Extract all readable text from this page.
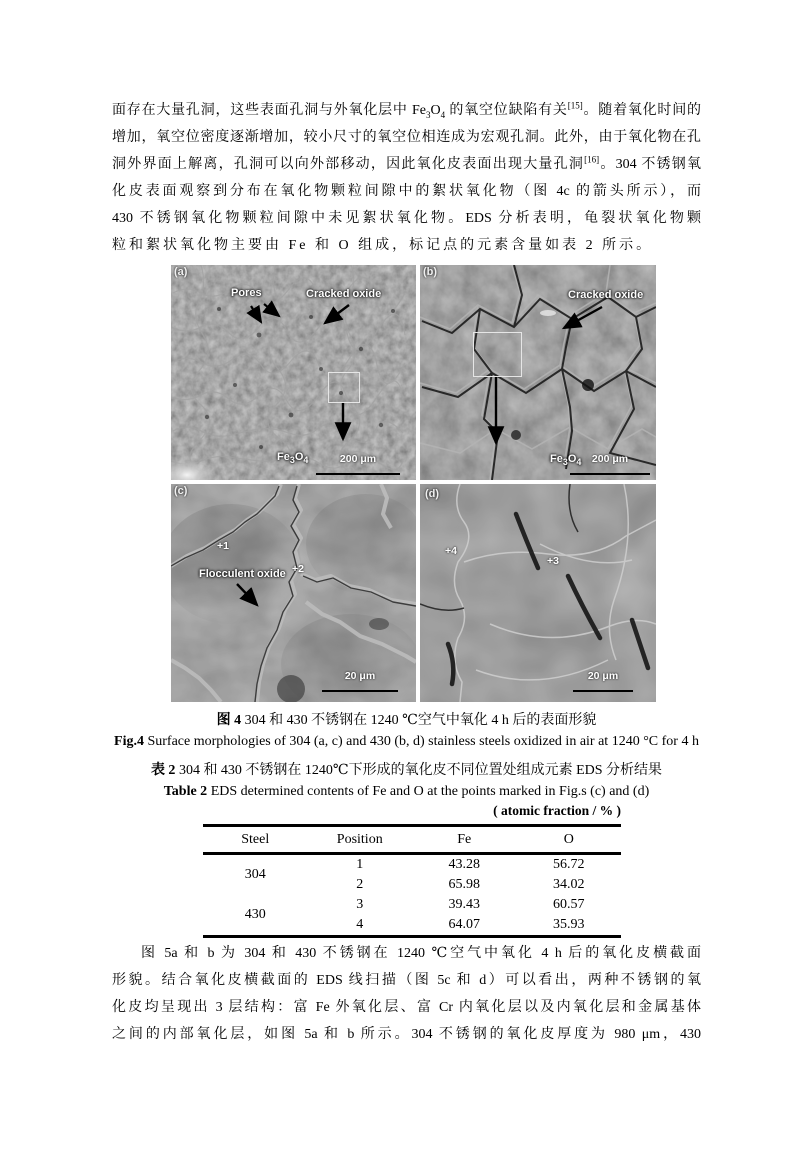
面存在大量孔洞，这些表面孔洞与外氧化层中 $Fe_3O_4$ 的氧空位缺陷有关[15]。随着氧化时间的
增加，氧空位密度逐渐增加，较小尺寸的氧空位相连成为宏观孔洞。此外，由于氧化物在孔
洞外界面上解离，孔洞可以向外部移动，因此氧化皮表面出现大量孔洞[16]。304 不锈钢氧
化皮表面观察到分布在氧化物颗粒间隙中的絮状氧化物（图 4c 的箭头所示），而
430 不锈钢氧化物颗粒间隙中未见絮状氧化物。EDS 分析表明，龟裂状氧化物颗
粒和絮状氧化物主要由 Fe 和 O 组成，标记点的元素含量如表 2 所示。
(a)
Pores	Cracked oxide
$Fe_3O_4$	200 μm
(b)
Cracked oxide
$Fe_3O_4$ 200 μm
(c)
+1
+2
Flocculent oxide
20 μm
(d)
+4
+3
20 μm
图 4 304 和 430 不锈钢在 1240 ℃空气中氧化 4 h 后的表面形貌
Fig.4 Surface morphologies of 304 (a, c) and 430 (b, d) stainless steels oxidized in air at 1240 °C for 4 h
表 2 304 和 430 不锈钢在 1240℃下形成的氧化皮不同位置处组成元素 EDS 分析结果
Table 2 EDS determined contents of Fe and O at the points marked in Fig.s (c) and (d)
( atomic fraction / % )
Steel	Position	Fe	O
304	1	43.28	56.72
	2	65.98	34.02
430	3	39.43	60.57
	4	64.07	35.93
图 5a 和 b 为 304 和 430 不锈钢在 1240 ℃空气中氧化 4 h 后的氧化皮横截面
形貌。结合氧化皮横截面的 EDS 线扫描（图 5c 和 d）可以看出，两种不锈钢的氧
化皮均呈现出 3 层结构：富 Fe 外氧化层、富 Cr 内氧化层以及内氧化层和金属基体
之间的内部氧化层，如图 5a 和 b 所示。304 不锈钢的氧化皮厚度为 980 μm，430
